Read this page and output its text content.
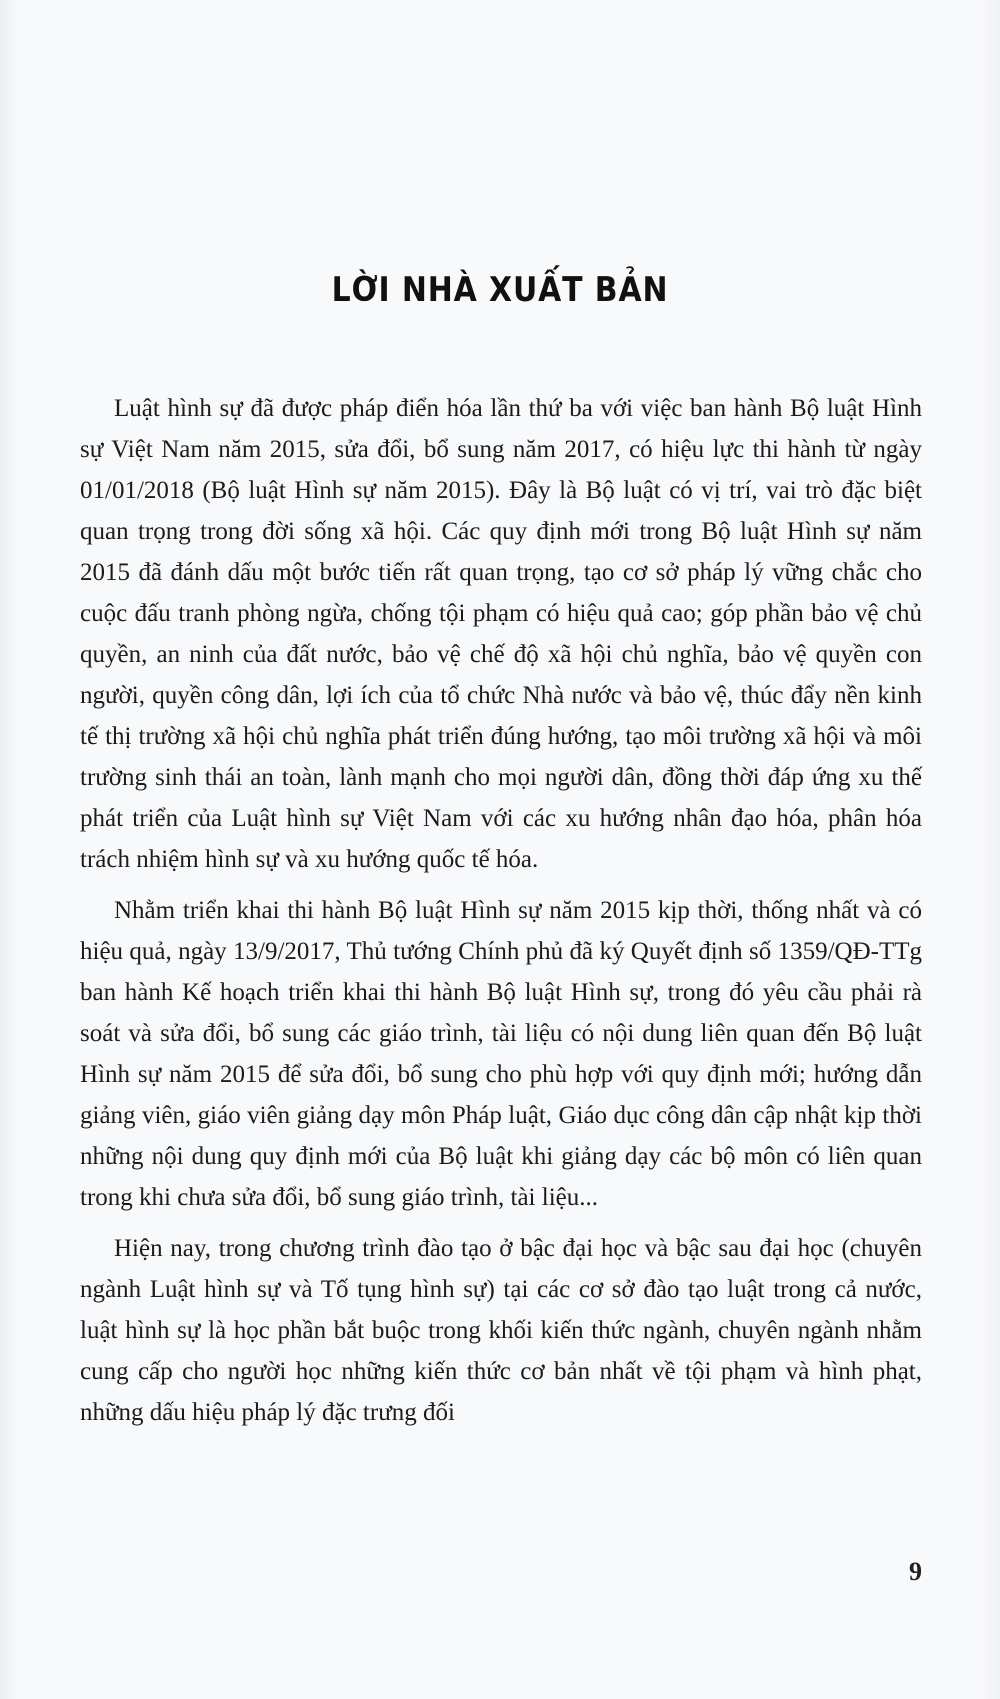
LỜI NHÀ XUẤT BẢN

Luật hình sự đã được pháp điển hóa lần thứ ba với việc ban hành Bộ luật Hình sự Việt Nam năm 2015, sửa đổi, bổ sung năm 2017, có hiệu lực thi hành từ ngày 01/01/2018 (Bộ luật Hình sự năm 2015). Đây là Bộ luật có vị trí, vai trò đặc biệt quan trọng trong đời sống xã hội. Các quy định mới trong Bộ luật Hình sự năm 2015 đã đánh dấu một bước tiến rất quan trọng, tạo cơ sở pháp lý vững chắc cho cuộc đấu tranh phòng ngừa, chống tội phạm có hiệu quả cao; góp phần bảo vệ chủ quyền, an ninh của đất nước, bảo vệ chế độ xã hội chủ nghĩa, bảo vệ quyền con người, quyền công dân, lợi ích của tổ chức Nhà nước và bảo vệ, thúc đẩy nền kinh tế thị trường xã hội chủ nghĩa phát triển đúng hướng, tạo môi trường xã hội và môi trường sinh thái an toàn, lành mạnh cho mọi người dân, đồng thời đáp ứng xu thế phát triển của Luật hình sự Việt Nam với các xu hướng nhân đạo hóa, phân hóa trách nhiệm hình sự và xu hướng quốc tế hóa.

Nhằm triển khai thi hành Bộ luật Hình sự năm 2015 kịp thời, thống nhất và có hiệu quả, ngày 13/9/2017, Thủ tướng Chính phủ đã ký Quyết định số 1359/QĐ-TTg ban hành Kế hoạch triển khai thi hành Bộ luật Hình sự, trong đó yêu cầu phải rà soát và sửa đổi, bổ sung các giáo trình, tài liệu có nội dung liên quan đến Bộ luật Hình sự năm 2015 để sửa đổi, bổ sung cho phù hợp với quy định mới; hướng dẫn giảng viên, giáo viên giảng dạy môn Pháp luật, Giáo dục công dân cập nhật kịp thời những nội dung quy định mới của Bộ luật khi giảng dạy các bộ môn có liên quan trong khi chưa sửa đổi, bổ sung giáo trình, tài liệu...

Hiện nay, trong chương trình đào tạo ở bậc đại học và bậc sau đại học (chuyên ngành Luật hình sự và Tố tụng hình sự) tại các cơ sở đào tạo luật trong cả nước, luật hình sự là học phần bắt buộc trong khối kiến thức ngành, chuyên ngành nhằm cung cấp cho người học những kiến thức cơ bản nhất về tội phạm và hình phạt, những dấu hiệu pháp lý đặc trưng đối

9
